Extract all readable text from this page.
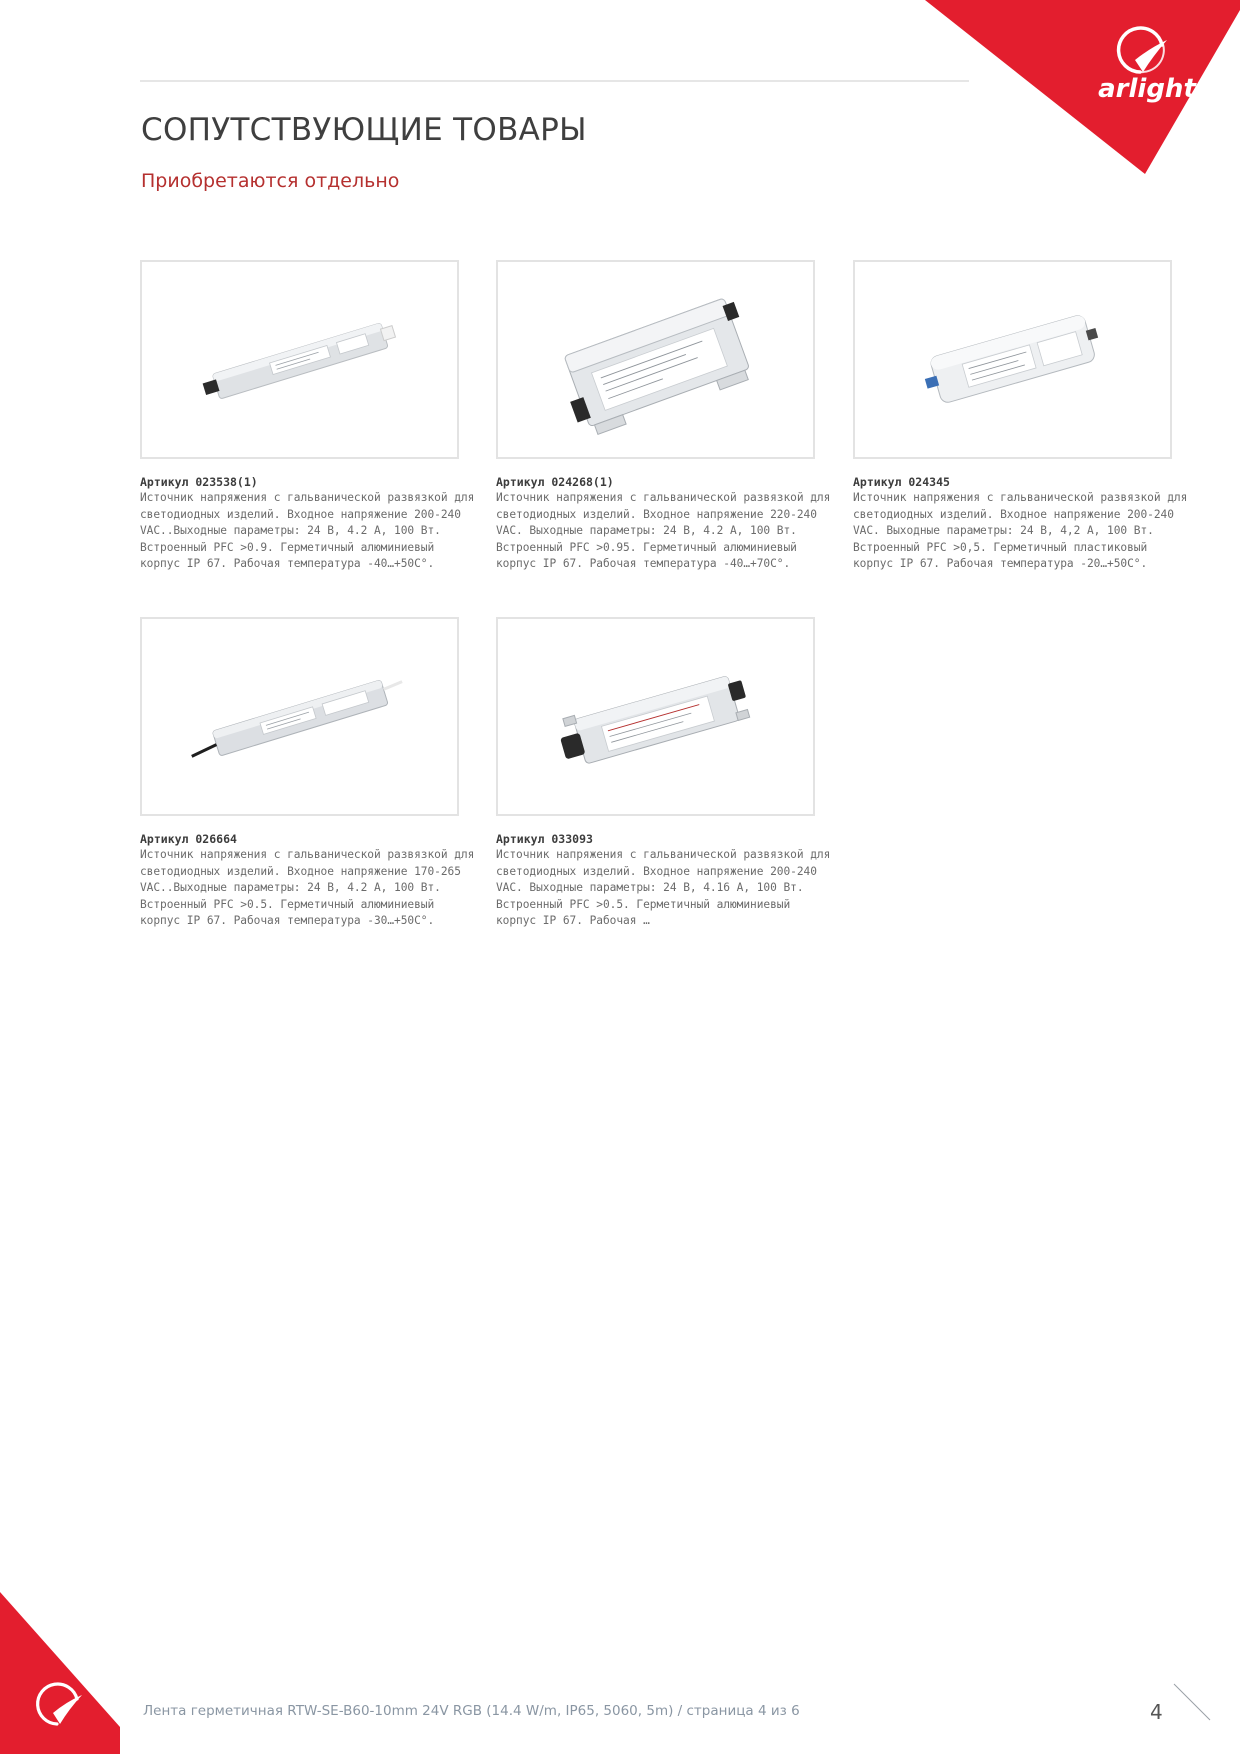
arlight
СОПУТСТВУЮЩИЕ ТОВАРЫ
Приобретаются отдельно
Артикул 023538(1)
Источник напряжения с гальванической развязкой для светодиодных изделий. Входное напряжение 200-240 VAC..Выходные параметры: 24 В, 4.2 А, 100 Вт. Встроенный PFC >0.9. Герметичный алюминиевый корпус IP 67. Рабочая температура -40…+50С°.
Артикул 024268(1)
Источник напряжения с гальванической развязкой для светодиодных изделий. Входное напряжение 220-240 VAC. Выходные параметры: 24 В, 4.2 А, 100 Вт. Встроенный PFC >0.95. Герметичный алюминиевый корпус IP 67. Рабочая температура -40…+70С°.
Артикул 024345
Источник напряжения с гальванической развязкой для светодиодных изделий. Входное напряжение 200-240 VAC. Выходные параметры: 24 В, 4,2 А, 100 Вт. Встроенный PFC >0,5. Герметичный пластиковый корпус IP 67. Рабочая температура -20…+50С°.
Артикул 026664
Источник напряжения с гальванической развязкой для светодиодных изделий. Входное напряжение 170-265 VAC..Выходные параметры: 24 В, 4.2 А, 100 Вт. Встроенный PFC >0.5. Герметичный алюминиевый корпус IP 67. Рабочая температура -30…+50С°.
Артикул 033093
Источник напряжения с гальванической развязкой для светодиодных изделий. Входное напряжение 200-240 VAC. Выходные параметры: 24 В, 4.16 А, 100 Вт. Встроенный PFC >0.5. Герметичный алюминиевый корпус IP 67. Рабочая …
Лента герметичная RTW-SE-B60-10mm 24V RGB (14.4 W/m, IP65, 5060, 5m) / страница 4 из 6	4
